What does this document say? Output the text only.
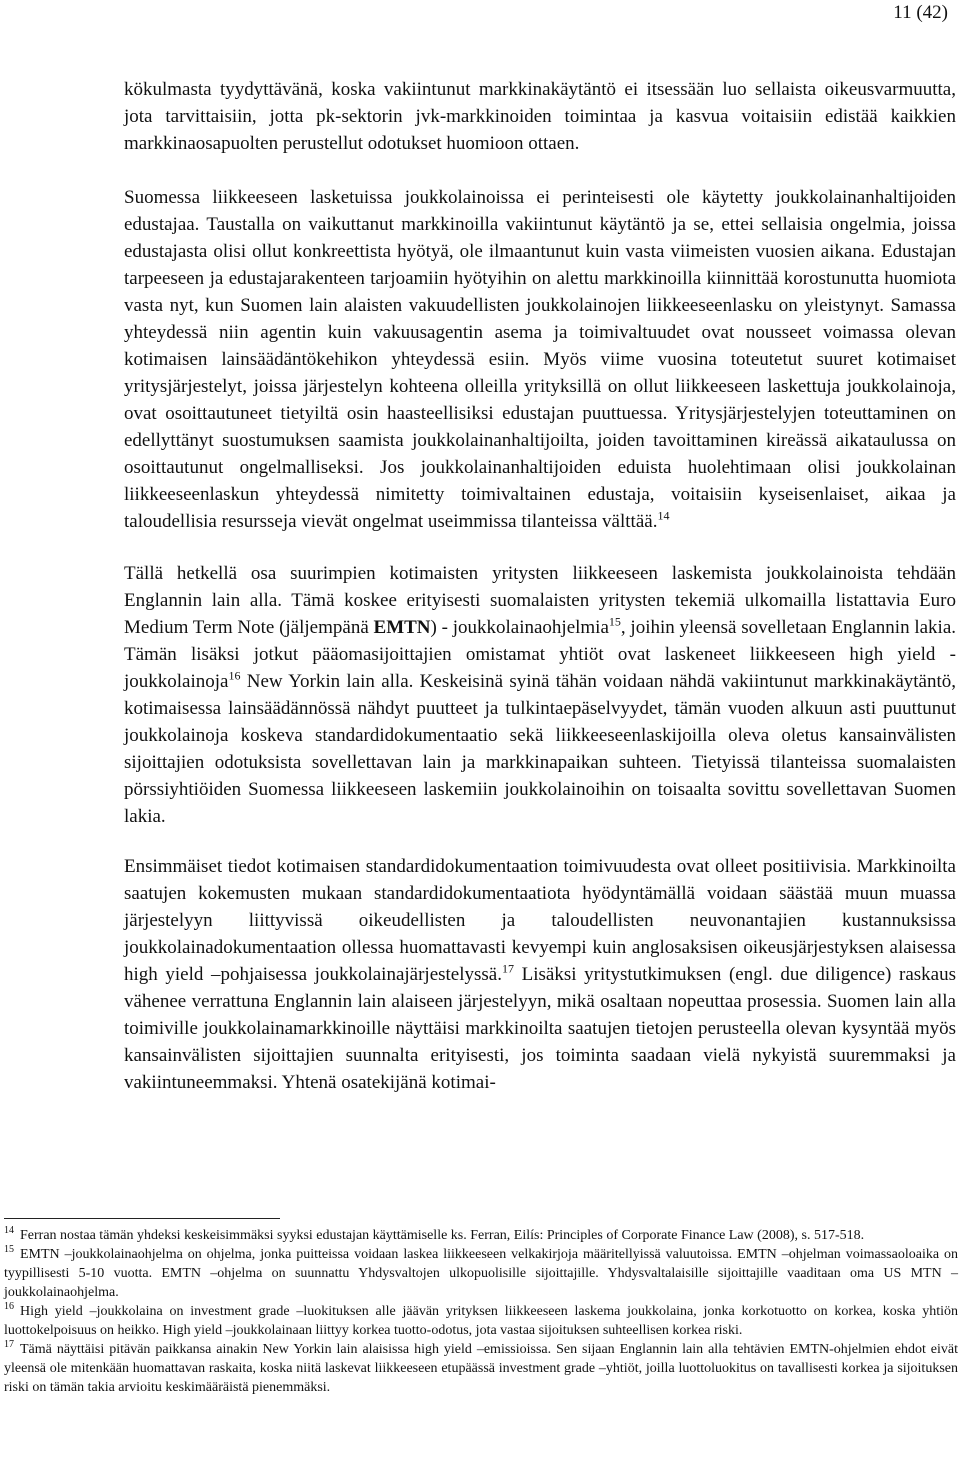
11 (42)

kökulmasta tyydyttävänä, koska vakiintunut markkinakäytäntö ei itsessään luo sellaista oikeusvarmuutta, jota tarvittaisiin, jotta pk-sektorin jvk-markkinoiden toimintaa ja kasvua voitaisiin edistää kaikkien markkinaosapuolten perustellut odotukset huomioon ottaen.

Suomessa liikkeeseen lasketuissa joukkolainoissa ei perinteisesti ole käytetty joukkolainanhaltijoiden edustajaa. Taustalla on vaikuttanut markkinoilla vakiintunut käytäntö ja se, ettei sellaisia ongelmia, joissa edustajasta olisi ollut konkreettista hyötyä, ole ilmaantunut kuin vasta viimeisten vuosien aikana. Edustajan tarpeeseen ja edustajarakenteen tarjoamiin hyötyihin on alettu markkinoilla kiinnittää korostunutta huomiota vasta nyt, kun Suomen lain alaisten vakuudellisten joukkolainojen liikkeeseenlasku on yleistynyt. Samassa yhteydessä niin agentin kuin vakuusagentin asema ja toimivaltuudet ovat nousseet voimassa olevan kotimaisen lainsäädäntökehikon yhteydessä esiin. Myös viime vuosina toteutetut suuret kotimaiset yritysjärjestelyt, joissa järjestelyn kohteena olleilla yrityksillä on ollut liikkeeseen laskettuja joukkolainoja, ovat osoittautuneet tietyiltä osin haasteellisiksi edustajan puuttuessa. Yritysjärjestelyjen toteuttaminen on edellyttänyt suostumuksen saamista joukkolainanhaltijoilta, joiden tavoittaminen kireässä aikataulussa on osoittautunut ongelmalliseksi. Jos joukkolainanhaltijoiden eduista huolehtimaan olisi joukkolainan liikkeeseenlaskun yhteydessä nimitetty toimivaltainen edustaja, voitaisiin kyseisenlaiset, aikaa ja taloudellisia resursseja vievät ongelmat useimmissa tilanteissa välttää.$^{14}$

Tällä hetkellä osa suurimpien kotimaisten yritysten liikkeeseen laskemista joukkolainoista tehdään Englannin lain alla. Tämä koskee erityisesti suomalaisten yritysten tekemiä ulkomailla listattavia Euro Medium Term Note (jäljempänä EMTN) - joukkolainaohjelmia$^{15}$, joihin yleensä sovelletaan Englannin lakia. Tämän lisäksi jotkut pääomasijoittajien omistamat yhtiöt ovat laskeneet liikkeeseen high yield -joukkolainoja$^{16}$ New Yorkin lain alla. Keskeisinä syinä tähän voidaan nähdä vakiintunut markkinakäytäntö, kotimaisessa lainsäädännössä nähdyt puutteet ja tulkintaepäselvyydet, tämän vuoden alkuun asti puuttunut joukkolainoja koskeva standardidokumentaatio sekä liikkeeseenlaskijoilla oleva oletus kansainvälisten sijoittajien odotuksista sovellettavan lain ja markkinapaikan suhteen. Tietyissä tilanteissa suomalaisten pörssiyhtiöiden Suomessa liikkeeseen laskemiin joukkolainoihin on toisaalta sovittu sovellettavan Suomen lakia.

Ensimmäiset tiedot kotimaisen standardidokumentaation toimivuudesta ovat olleet positiivisia. Markkinoilta saatujen kokemusten mukaan standardidokumentaatiota hyödyntämällä voidaan säästää muun muassa järjestelyyn liittyvissä oikeudellisten ja taloudellisten neuvonantajien kustannuksissa joukkolainadokumentaation ollessa huomattavasti kevyempi kuin anglosaksisen oikeusjärjestyksen alaisessa high yield –pohjaisessa joukkolainajärjestelyssä.$^{17}$ Lisäksi yritystutkimuksen (engl. due diligence) raskaus vähenee verrattuna Englannin lain alaiseen järjestelyyn, mikä osaltaan nopeuttaa prosessia. Suomen lain alla toimiville joukkolainamarkkinoille näyttäisi markkinoilta saatujen tietojen perusteella olevan kysyntää myös kansainvälisten sijoittajien suunnalta erityisesti, jos toiminta saadaan vielä nykyistä suuremmaksi ja vakiintuneemmaksi. Yhtenä osatekijänä kotimai-

$^{14}$ Ferran nostaa tämän yhdeksi keskeisimmäksi syyksi edustajan käyttämiselle ks. Ferran, Eilís: Principles of Corporate Finance Law (2008), s. 517-518.

$^{15}$ EMTN –joukkolainaohjelma on ohjelma, jonka puitteissa voidaan laskea liikkeeseen velkakirjoja määritellyissä valuutoissa. EMTN –ohjelman voimassaoloaika on tyypillisesti 5-10 vuotta. EMTN –ohjelma on suunnattu Yhdysvaltojen ulkopuolisille sijoittajille. Yhdysvaltalaisille sijoittajille vaaditaan oma US MTN –joukkolainaohjelma.

$^{16}$ High yield –joukkolaina on investment grade –luokituksen alle jäävän yrityksen liikkeeseen laskema joukkolaina, jonka korkotuotto on korkea, koska yhtiön luottokelpoisuus on heikko. High yield –joukkolainaan liittyy korkea tuotto-odotus, jota vastaa sijoituksen suhteellisen korkea riski.

$^{17}$ Tämä näyttäisi pitävän paikkansa ainakin New Yorkin lain alaisissa high yield –emissioissa. Sen sijaan Englannin lain alla tehtävien EMTN-ohjelmien ehdot eivät yleensä ole mitenkään huomattavan raskaita, koska niitä laskevat liikkeeseen etupäässä investment grade –yhtiöt, joilla luottoluokitus on tavallisesti korkea ja sijoituksen riski on tämän takia arvioitu keskimääräistä pienemmäksi.
